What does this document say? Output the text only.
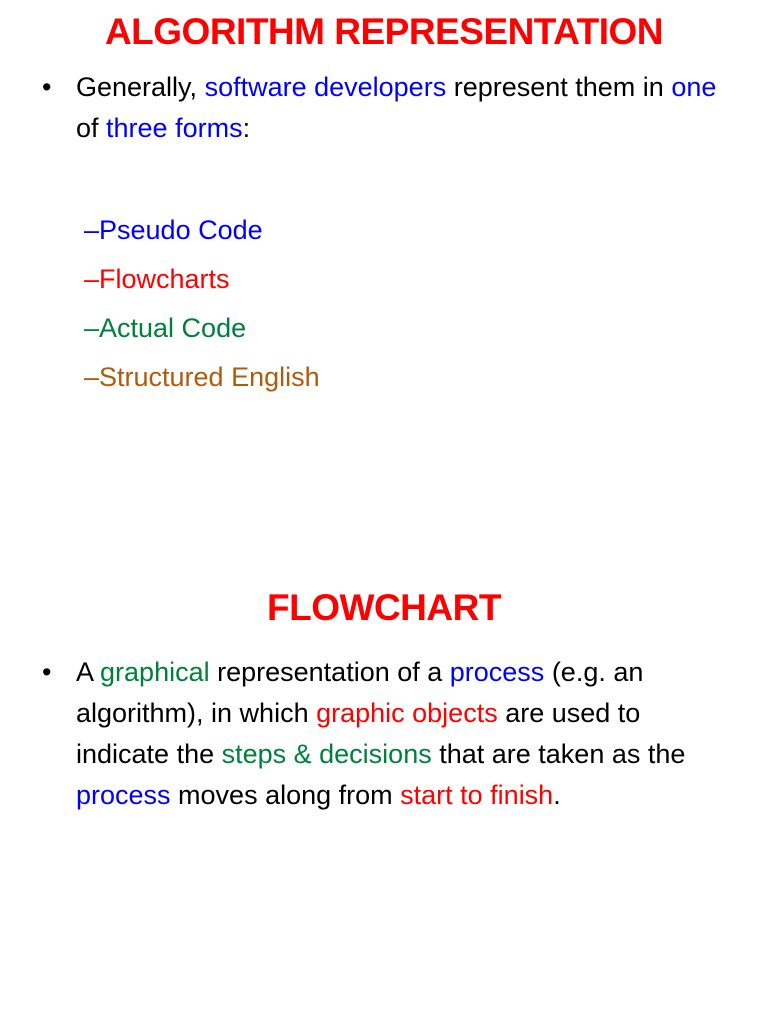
ALGORITHM REPRESENTATION
• Generally, software developers represent them in one of three forms:
–Pseudo Code
–Flowcharts
–Actual Code
–Structured English
FLOWCHART
• A graphical representation of a process (e.g. an algorithm), in which graphic objects are used to indicate the steps & decisions that are taken as the process moves along from start to finish.
